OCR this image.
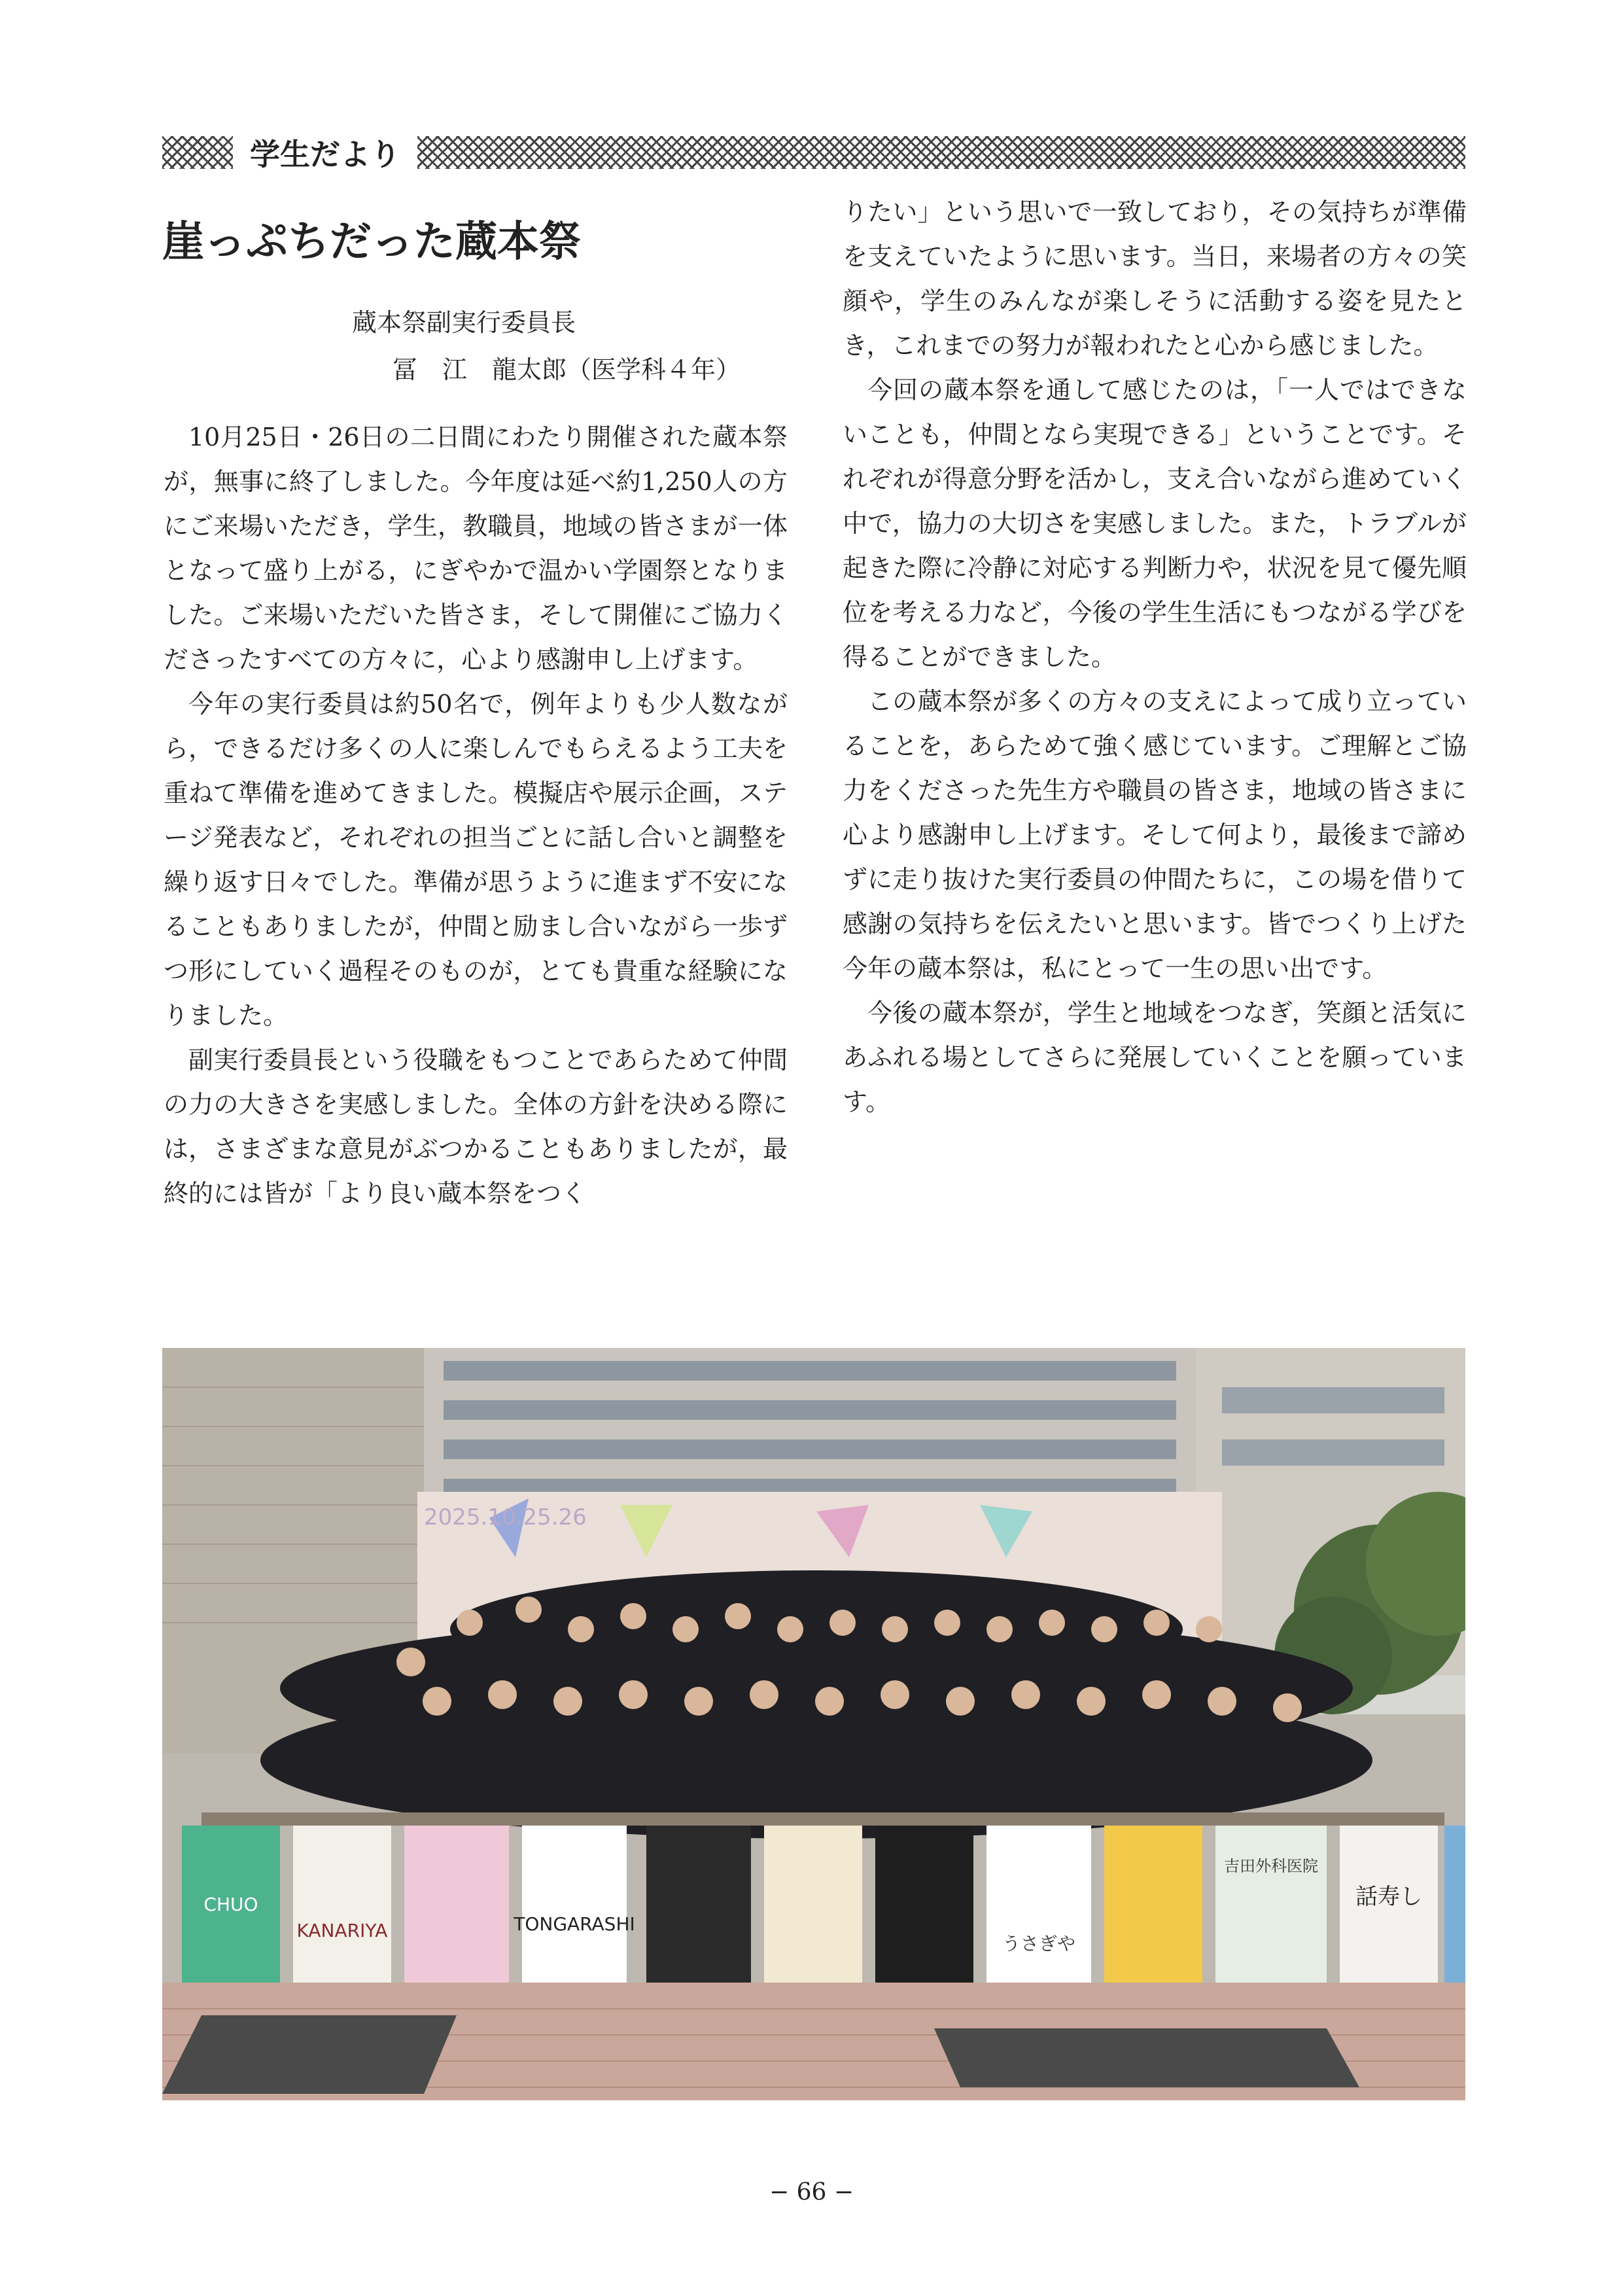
学生だより
崖っぷちだった蔵本祭
蔵本祭副実行委員長
冨　江　龍太郎（医学科４年）

10月25日・26日の二日間にわたり開催された蔵本祭が，無事に終了しました。今年度は延べ約1,250人の方にご来場いただき，学生，教職員，地域の皆さまが一体となって盛り上がる，にぎやかで温かい学園祭となりました。ご来場いただいた皆さま，そして開催にご協力くださったすべての方々に，心より感謝申し上げます。

今年の実行委員は約50名で，例年よりも少人数ながら，できるだけ多くの人に楽しんでもらえるよう工夫を重ねて準備を進めてきました。模擬店や展示企画，ステージ発表など，それぞれの担当ごとに話し合いと調整を繰り返す日々でした。準備が思うように進まず不安になることもありましたが，仲間と励まし合いながら一歩ずつ形にしていく過程そのものが，とても貴重な経験になりました。

副実行委員長という役職をもつことであらためて仲間の力の大きさを実感しました。全体の方針を決める際には，さまざまな意見がぶつかることもありましたが，最終的には皆が「より良い蔵本祭をつく

りたい」という思いで一致しており，その気持ちが準備を支えていたように思います。当日，来場者の方々の笑顔や，学生のみんなが楽しそうに活動する姿を見たとき，これまでの努力が報われたと心から感じました。

今回の蔵本祭を通して感じたのは，「一人ではできないことも，仲間となら実現できる」ということです。それぞれが得意分野を活かし，支え合いながら進めていく中で，協力の大切さを実感しました。また，トラブルが起きた際に冷静に対応する判断力や，状況を見て優先順位を考える力など，今後の学生生活にもつながる学びを得ることができました。

この蔵本祭が多くの方々の支えによって成り立っていることを，あらためて強く感じています。ご理解とご協力をくださった先生方や職員の皆さま，地域の皆さまに心より感謝申し上げます。そして何より，最後まで諦めずに走り抜けた実行委員の仲間たちに，この場を借りて感謝の気持ちを伝えたいと思います。皆でつくり上げた今年の蔵本祭は，私にとって一生の思い出です。

今後の蔵本祭が，学生と地域をつなぎ，笑顔と活気にあふれる場としてさらに発展していくことを願っています。

2025.10.25.26
CHUO
KANARIYA	TONGARASHI
うさぎや
吉田外科医院
話寿し
− 66 −
